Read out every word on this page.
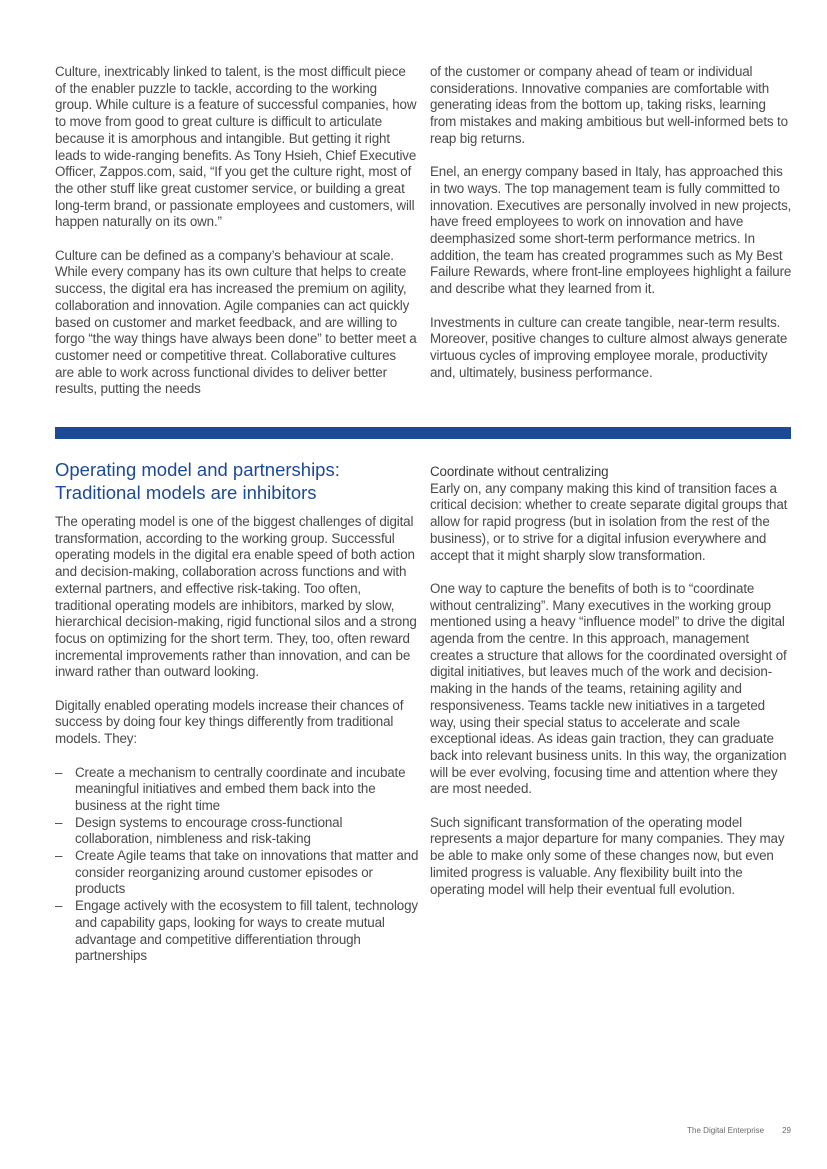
Culture, inextricably linked to talent, is the most difficult piece of the enabler puzzle to tackle, according to the working group. While culture is a feature of successful companies, how to move from good to great culture is difficult to articulate because it is amorphous and intangible. But getting it right leads to wide-ranging benefits. As Tony Hsieh, Chief Executive Officer, Zappos.com, said, “If you get the culture right, most of the other stuff like great customer service, or building a great long-term brand, or passionate employees and customers, will happen naturally on its own.”

Culture can be defined as a company’s behaviour at scale. While every company has its own culture that helps to create success, the digital era has increased the premium on agility, collaboration and innovation. Agile companies can act quickly based on customer and market feedback, and are willing to forgo “the way things have always been done” to better meet a customer need or competitive threat. Collaborative cultures are able to work across functional divides to deliver better results, putting the needs

of the customer or company ahead of team or individual considerations. Innovative companies are comfortable with generating ideas from the bottom up, taking risks, learning from mistakes and making ambitious but well-informed bets to reap big returns.

Enel, an energy company based in Italy, has approached this in two ways. The top management team is fully committed to innovation. Executives are personally involved in new projects, have freed employees to work on innovation and have deemphasized some short-term performance metrics. In addition, the team has created programmes such as My Best Failure Rewards, where front-line employees highlight a failure and describe what they learned from it.

Investments in culture can create tangible, near-term results. Moreover, positive changes to culture almost always generate virtuous cycles of improving employee morale, productivity and, ultimately, business performance.

Operating model and partnerships: Traditional models are inhibitors

The operating model is one of the biggest challenges of digital transformation, according to the working group. Successful operating models in the digital era enable speed of both action and decision-making, collaboration across functions and with external partners, and effective risk-taking. Too often, traditional operating models are inhibitors, marked by slow, hierarchical decision-making, rigid functional silos and a strong focus on optimizing for the short term. They, too, often reward incremental improvements rather than innovation, and can be inward rather than outward looking.

Digitally enabled operating models increase their chances of success by doing four key things differently from traditional models. They:

– Create a mechanism to centrally coordinate and incubate meaningful initiatives and embed them back into the business at the right time
– Design systems to encourage cross-functional collaboration, nimbleness and risk-taking
– Create Agile teams that take on innovations that matter and consider reorganizing around customer episodes or products
– Engage actively with the ecosystem to fill talent, technology and capability gaps, looking for ways to create mutual advantage and competitive differentiation through partnerships
Coordinate without centralizing

Early on, any company making this kind of transition faces a critical decision: whether to create separate digital groups that allow for rapid progress (but in isolation from the rest of the business), or to strive for a digital infusion everywhere and accept that it might sharply slow transformation.

One way to capture the benefits of both is to “coordinate without centralizing”. Many executives in the working group mentioned using a heavy “influence model” to drive the digital agenda from the centre. In this approach, management creates a structure that allows for the coordinated oversight of digital initiatives, but leaves much of the work and decision-making in the hands of the teams, retaining agility and responsiveness. Teams tackle new initiatives in a targeted way, using their special status to accelerate and scale exceptional ideas. As ideas gain traction, they can graduate back into relevant business units. In this way, the organization will be ever evolving, focusing time and attention where they are most needed.

Such significant transformation of the operating model represents a major departure for many companies. They may be able to make only some of these changes now, but even limited progress is valuable. Any flexibility built into the operating model will help their eventual full evolution.

The Digital Enterprise 29
